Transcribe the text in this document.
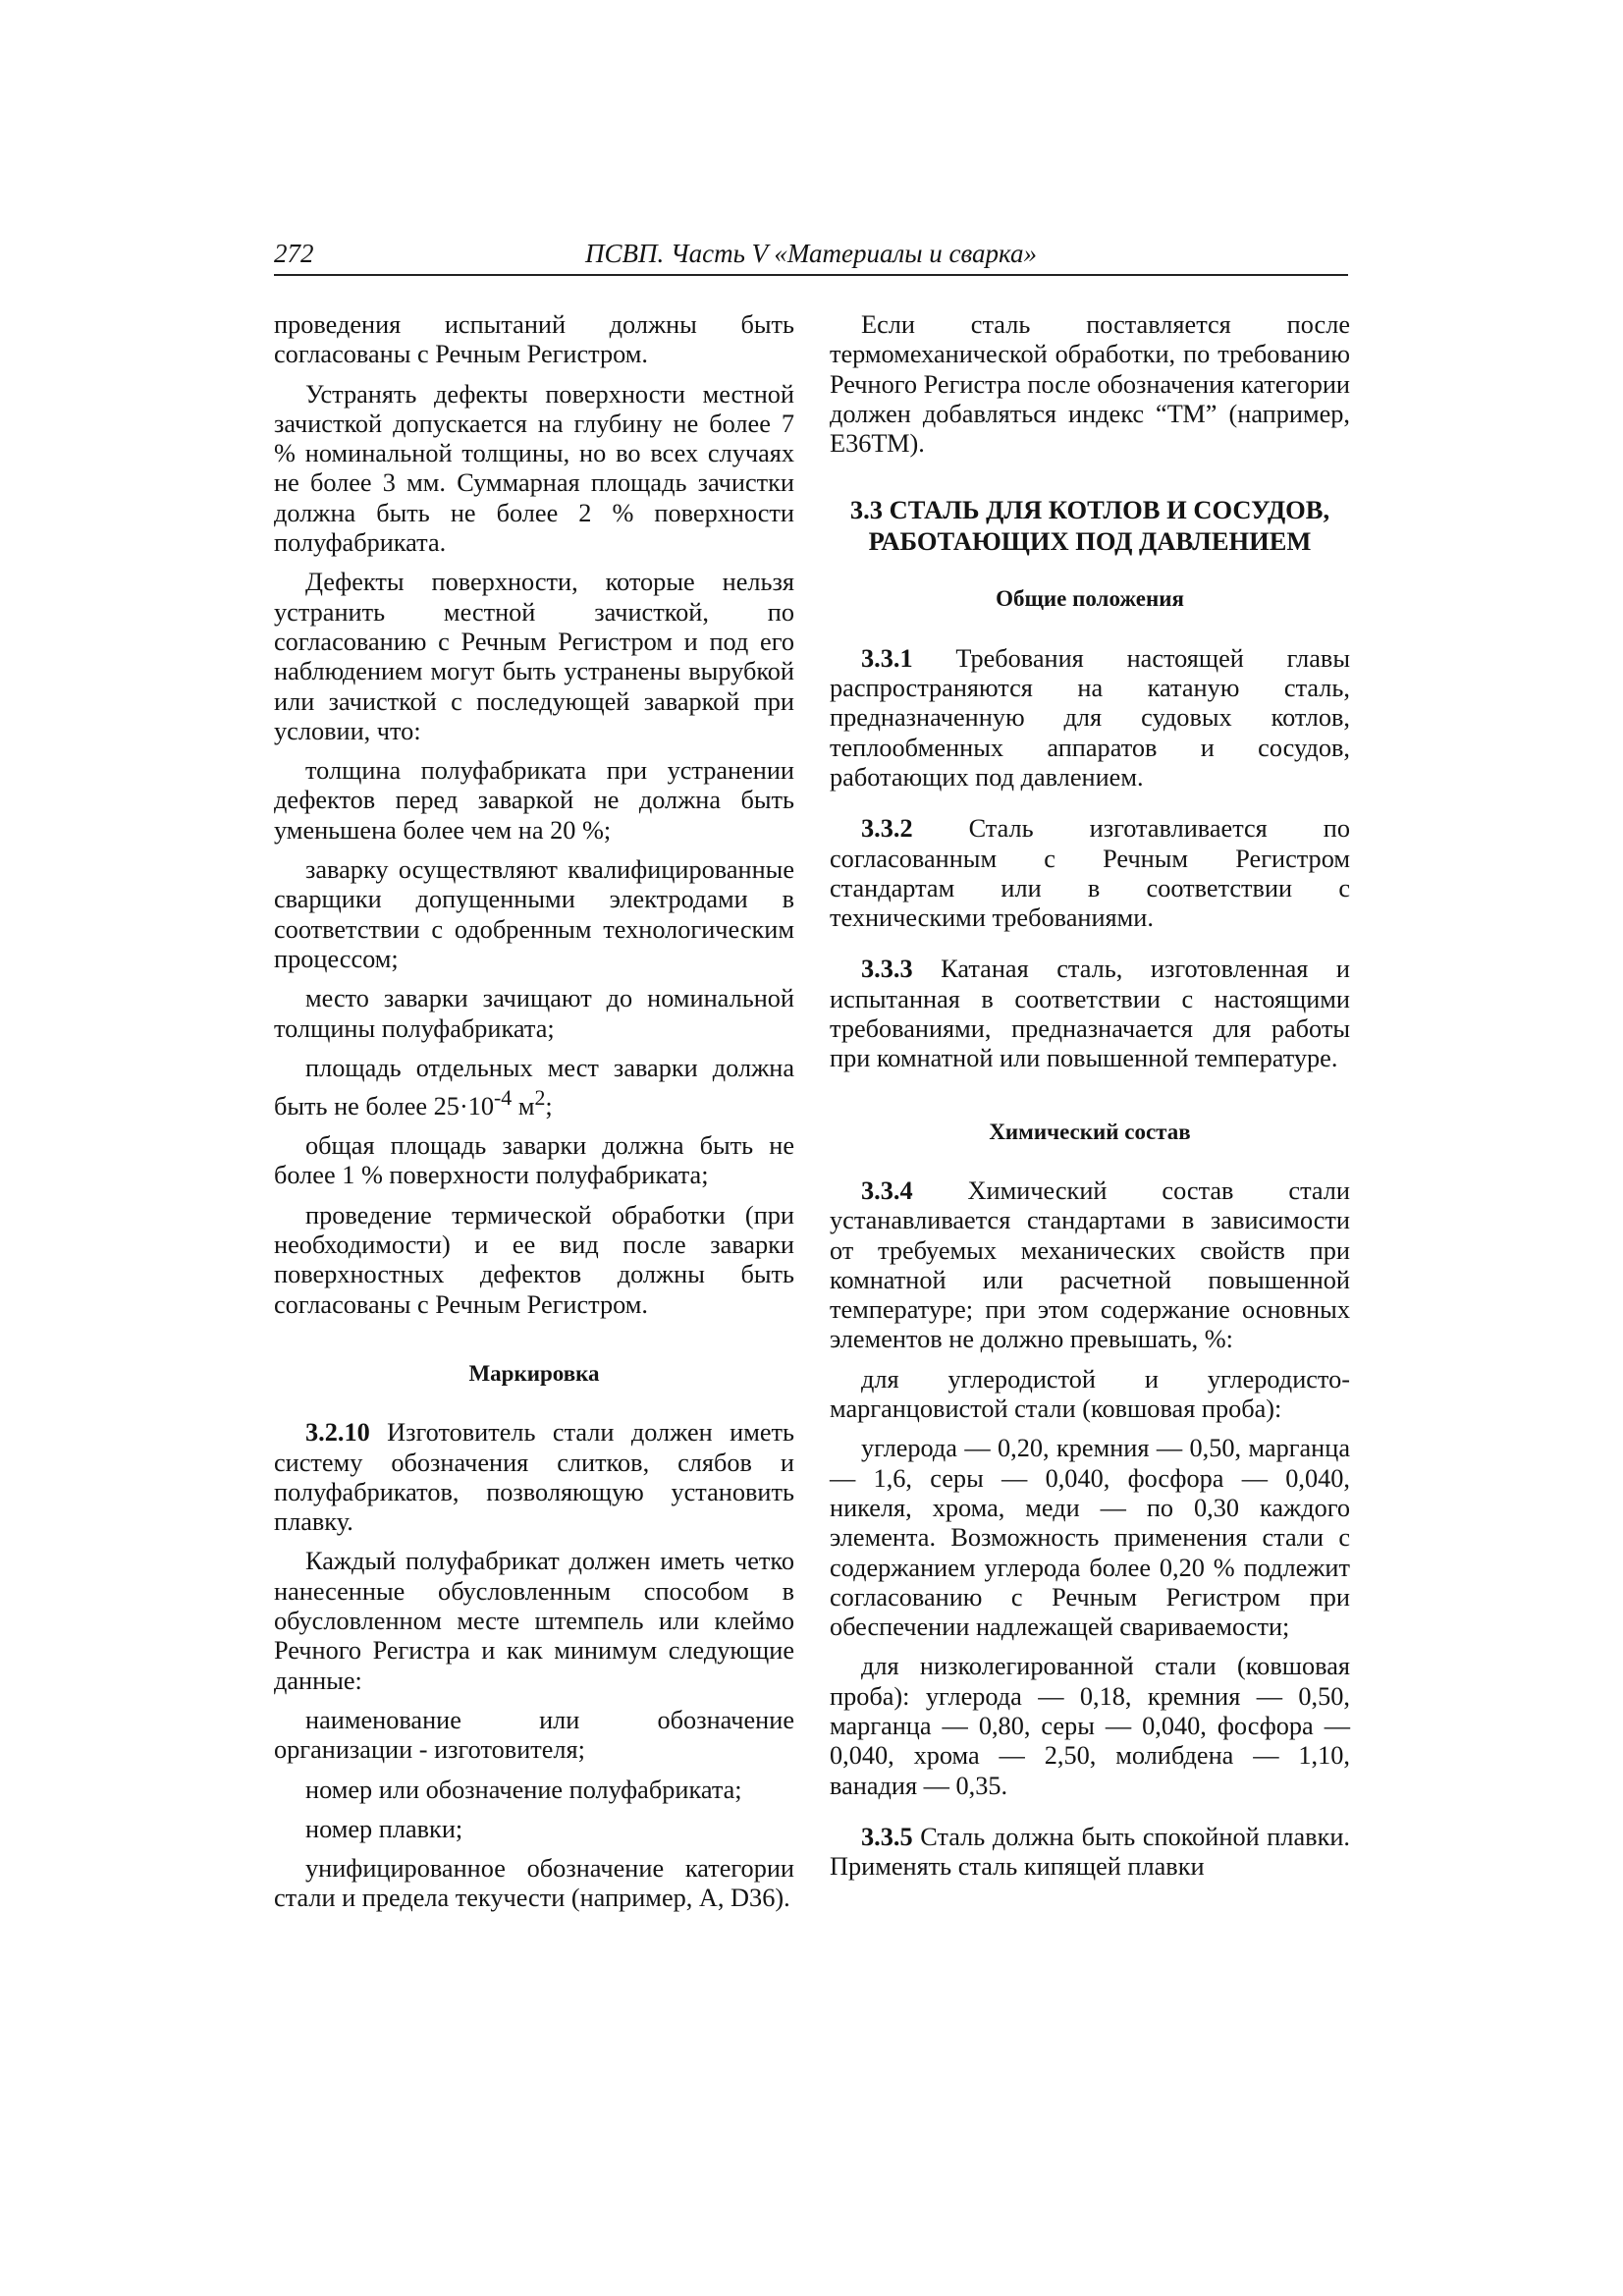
272	ПСВП. Часть V «Материалы и сварка»

проведения испытаний должны быть согласованы с Речным Регистром.

Устранять дефекты поверхности местной зачисткой допускается на глубину не более 7 % номинальной толщины, но во всех случаях не более 3 мм. Суммарная площадь зачистки должна быть не более 2 % поверхности полуфабриката.

Дефекты поверхности, которые нельзя устранить местной зачисткой, по согласованию с Речным Регистром и под его наблюдением могут быть устранены вырубкой или зачисткой с последующей заваркой при условии, что:

толщина полуфабриката при устранении дефектов перед заваркой не должна быть уменьшена более чем на 20 %;

заварку осуществляют квалифицированные сварщики допущенными электродами в соответствии с одобренным технологическим процессом;

место заварки зачищают до номинальной толщины полуфабриката;

площадь отдельных мест заварки должна быть не более $25\cdot 10^{-4}$ $м^2$;

общая площадь заварки должна быть не более 1 % поверхности полуфабриката;

проведение термической обработки (при необходимости) и ее вид после заварки поверхностных дефектов должны быть согласованы с Речным Регистром.

Маркировка

3.2.10 Изготовитель стали должен иметь систему обозначения слитков, слябов и полуфабрикатов, позволяющую установить плавку.

Каждый полуфабрикат должен иметь четко нанесенные обусловленным способом в обусловленном месте штемпель или клеймо Речного Регистра и как минимум следующие данные:

наименование или обозначение организации - изготовителя;

номер или обозначение полуфабриката;

номер плавки;

унифицированное обозначение категории стали и предела текучести (например, A, D36).

Если сталь поставляется после термомеханической обработки, по требованию Речного Регистра после обозначения категории должен добавляться индекс “ТМ” (например, Е36ТМ).

3.3 СТАЛЬ ДЛЯ КОТЛОВ И СОСУДОВ,
РАБОТАЮЩИХ ПОД ДАВЛЕНИЕМ
Общие положения

3.3.1 Требования настоящей главы распространяются на катаную сталь, предназначенную для судовых котлов, теплообменных аппаратов и сосудов, работающих под давлением.

3.3.2 Сталь изготавливается по согласованным с Речным Регистром стандартам или в соответствии с техническими требованиями.

3.3.3 Катаная сталь, изготовленная и испытанная в соответствии с настоящими требованиями, предназначается для работы при комнатной или повышенной температуре.

Химический состав

3.3.4 Химический состав стали устанавливается стандартами в зависимости от требуемых механических свойств при комнатной или расчетной повышенной температуре; при этом содержание основных элементов не должно превышать, %:

для углеродистой и углеродисто-марганцовистой стали (ковшовая проба):

углерода — 0,20, кремния — 0,50, марганца — 1,6, серы — 0,040, фосфора — 0,040, никеля, хрома, меди — по 0,30 каждого элемента. Возможность применения стали с содержанием углерода более 0,20 % подлежит согласованию с Речным Регистром при обеспечении надлежащей свариваемости;

для низколегированной стали (ковшовая проба): углерода — 0,18, кремния — 0,50, марганца — 0,80, серы — 0,040, фосфора — 0,040, хрома — 2,50, молибдена — 1,10, ванадия — 0,35.

3.3.5 Сталь должна быть спокойной плавки. Применять сталь кипящей плавки
